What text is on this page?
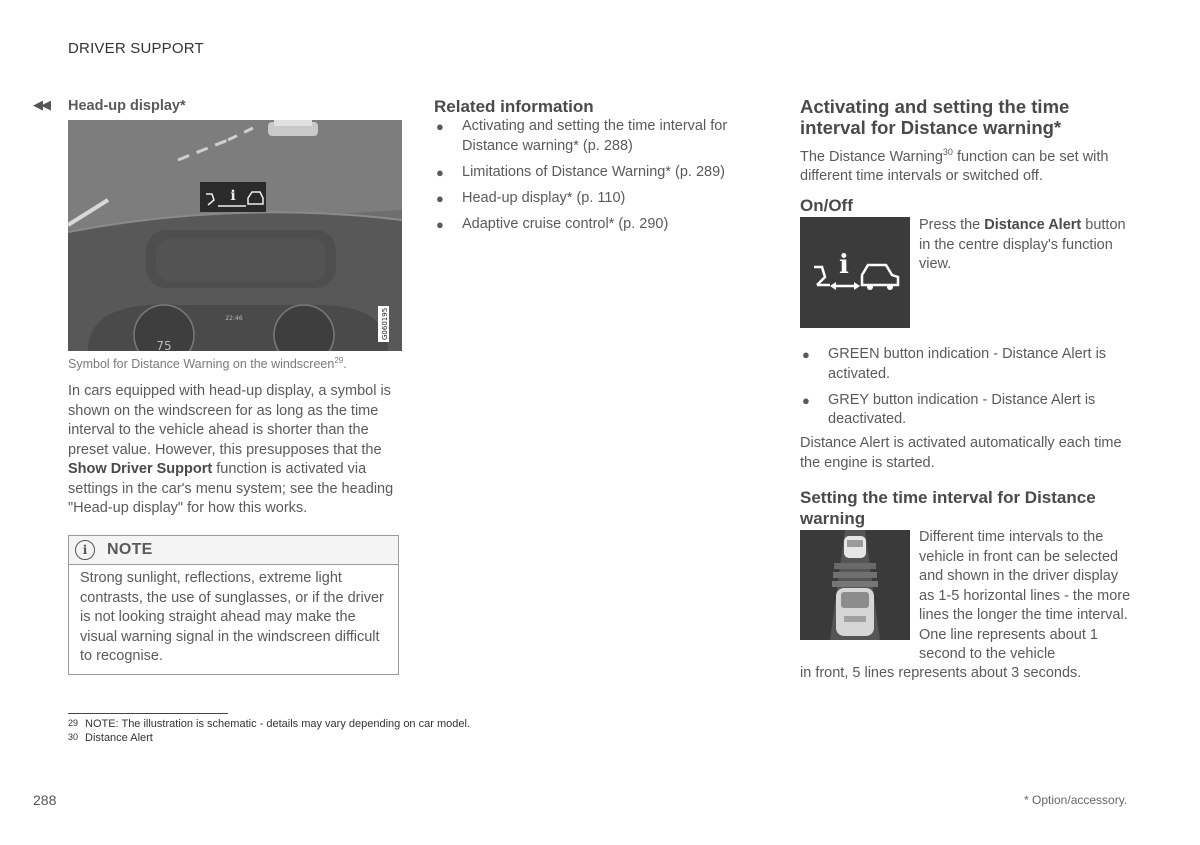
DRIVER SUPPORT
◀◀ Head-up display*
i
75
22:46	G060195
Symbol for Distance Warning on the windscreen$^{29}$.
In cars equipped with head-up display, a symbol is shown on the windscreen for as long as the time interval to the vehicle ahead is shorter than the preset value. However, this presupposes that the Show Driver Support function is activated via settings in the car's menu system; see the heading "Head-up display" for how this works.
i	NOTE
Strong sunlight, reflections, extreme light contrasts, the use of sunglasses, or if the driver is not looking straight ahead may make the visual warning signal in the windscreen difficult to recognise.
Related information
● Activating and setting the time interval for Distance warning* (p. 288)
● Limitations of Distance Warning* (p. 289)
● Head-up display* (p. 110)
● Adaptive cruise control* (p. 290)
Activating and setting the time interval for Distance warning*
The Distance Warning$^{30}$ function can be set with different time intervals or switched off.
On/Off
i
Press the Distance Alert button in the centre display's function view.
● GREEN button indication - Distance Alert is activated.
● GREY button indication - Distance Alert is deactivated.
Distance Alert is activated automatically each time the engine is started.
Setting the time interval for Distance warning
Different time intervals to the vehicle in front can be selected and shown in the driver display as 1-5 horizontal lines - the more lines the longer the time interval. One line represents about 1 second to the vehicle
in front, 5 lines represents about 3 seconds.
29 NOTE: The illustration is schematic - details may vary depending on car model.
30 Distance Alert
288	* Option/accessory.
